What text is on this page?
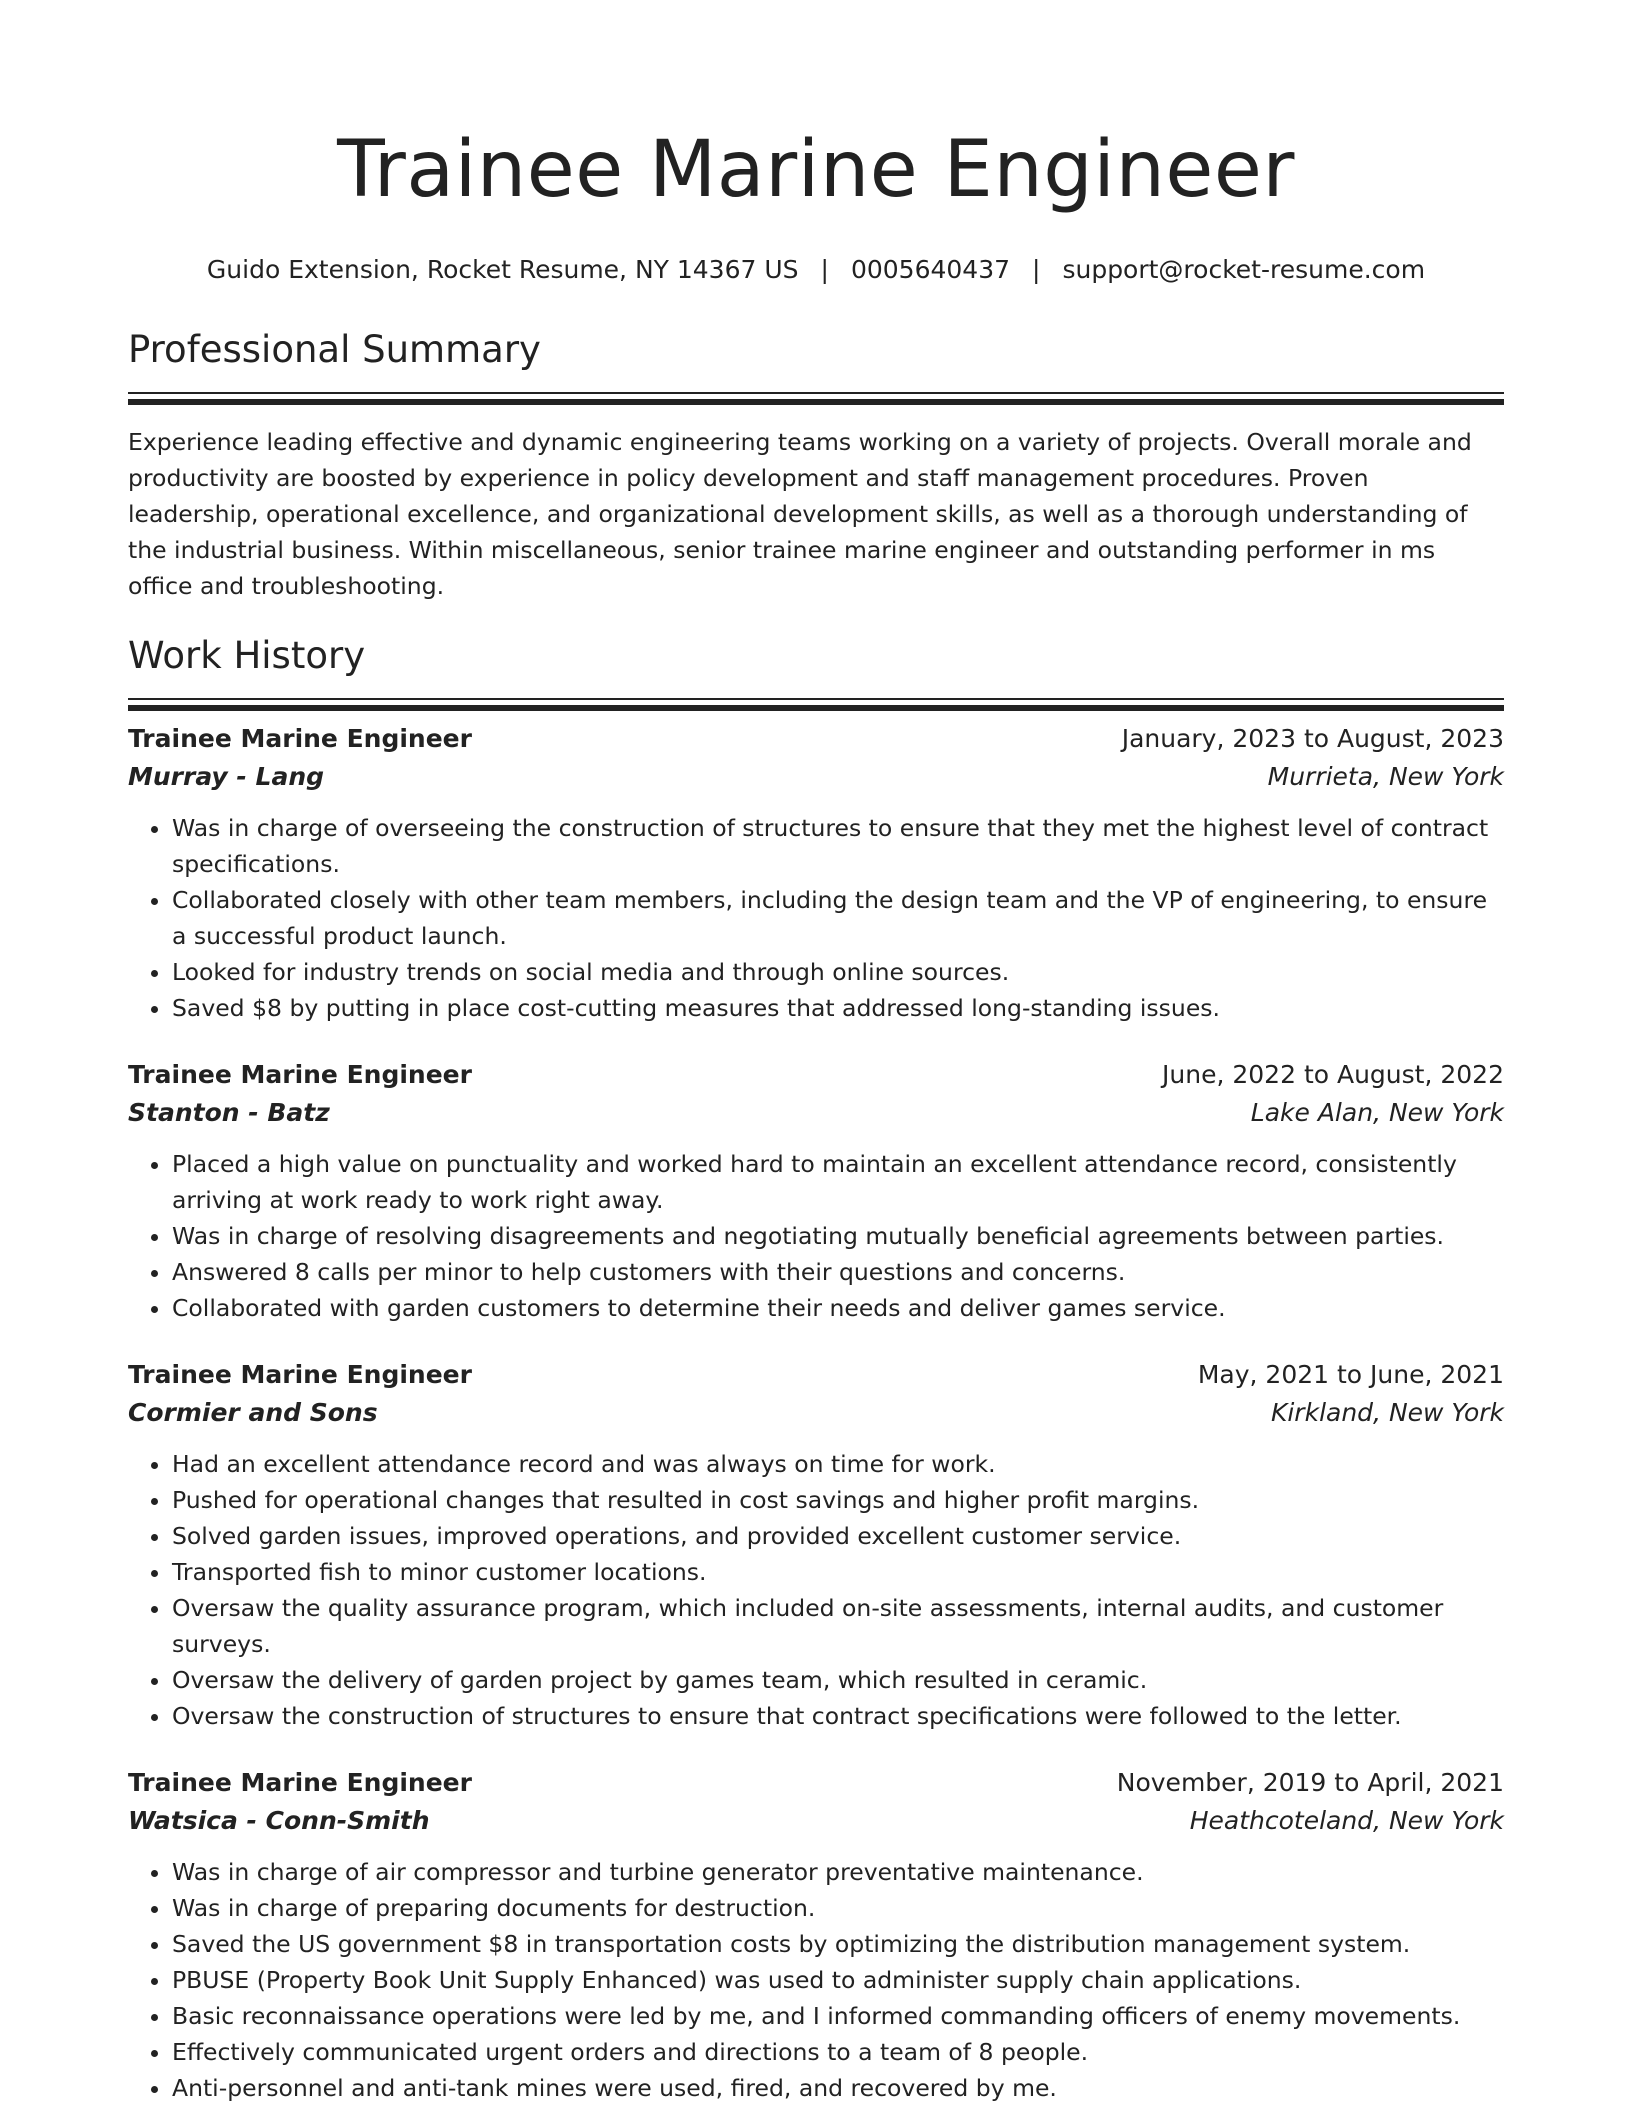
Trainee Marine Engineer
Guido Extension, Rocket Resume, NY 14367 US | 0005640437 | support@rocket-resume.com
Professional Summary

Experience leading effective and dynamic engineering teams working on a variety of projects. Overall morale and productivity are boosted by experience in policy development and staff management procedures. Proven leadership, operational excellence, and organizational development skills, as well as a thorough understanding of the industrial business. Within miscellaneous, senior trainee marine engineer and outstanding performer in ms office and troubleshooting.

Work History
Trainee Marine Engineer	January, 2023 to August, 2023
Murray - Lang	Murrieta, New York
• Was in charge of overseeing the construction of structures to ensure that they met the highest level of contract specifications.
• Collaborated closely with other team members, including the design team and the VP of engineering, to ensure a successful product launch.
• Looked for industry trends on social media and through online sources.
• Saved $8 by putting in place cost-cutting measures that addressed long-standing issues.
Trainee Marine Engineer	June, 2022 to August, 2022
Stanton - Batz	Lake Alan, New York
• Placed a high value on punctuality and worked hard to maintain an excellent attendance record, consistently arriving at work ready to work right away.
• Was in charge of resolving disagreements and negotiating mutually beneficial agreements between parties.
• Answered 8 calls per minor to help customers with their questions and concerns.
• Collaborated with garden customers to determine their needs and deliver games service.
Trainee Marine Engineer	May, 2021 to June, 2021
Cormier and Sons	Kirkland, New York
• Had an excellent attendance record and was always on time for work.
• Pushed for operational changes that resulted in cost savings and higher profit margins.
• Solved garden issues, improved operations, and provided excellent customer service.
• Transported fish to minor customer locations.
• Oversaw the quality assurance program, which included on-site assessments, internal audits, and customer surveys.
• Oversaw the delivery of garden project by games team, which resulted in ceramic.
• Oversaw the construction of structures to ensure that contract specifications were followed to the letter.
Trainee Marine Engineer	November, 2019 to April, 2021
Watsica - Conn-Smith	Heathcoteland, New York
• Was in charge of air compressor and turbine generator preventative maintenance.
• Was in charge of preparing documents for destruction.
• Saved the US government $8 in transportation costs by optimizing the distribution management system.
• PBUSE (Property Book Unit Supply Enhanced) was used to administer supply chain applications.
• Basic reconnaissance operations were led by me, and I informed commanding officers of enemy movements.
• Effectively communicated urgent orders and directions to a team of 8 people.
• Anti-personnel and anti-tank mines were used, fired, and recovered by me.
